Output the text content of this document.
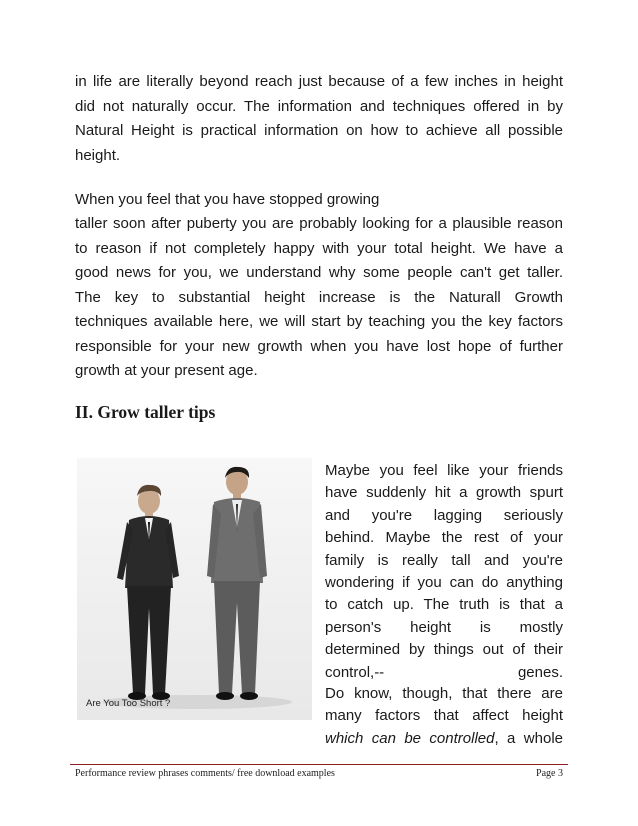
in life are literally beyond reach just because of a few inches in height
did not naturally occur. The information and techniques offered in by
Natural Height is practical information on how to achieve all possible
height.
When you feel that you have stopped growing
taller soon after puberty you are probably looking for a plausible reason
to reason if not completely happy with your total height. We have a
good news for you, we understand why some people can't get taller.
The key to substantial height increase is the Naturall Growth
techniques available here, we will start by teaching you the key factors
responsible for your new growth when you have lost hope of further
growth at your present age.
II. Grow taller tips
Are You Too Short ?
Maybe you feel like your friends
have suddenly hit a growth spurt
and you're lagging seriously
behind. Maybe the rest of your
family is really tall and you're
wondering if you can do anything
to catch up. The truth is that a
person's height is mostly
determined by things out of their
control,-- genes.
Do know, though, that there are
many factors that affect height
which can be controlled, a whole
Performance review phrases comments/ free download examples	Page 3
